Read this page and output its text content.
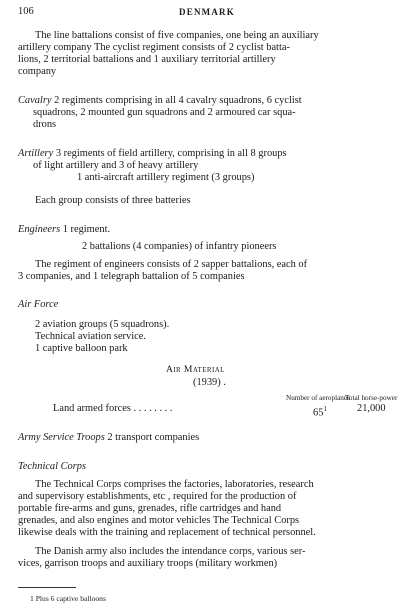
106	DENMARK
The line battalions consist of five companies, one being an auxiliary
artillery company The cyclist regiment consists of 2 cyclist batta-
lions, 2 territorial battalions and 1 auxiliary territorial artillery
company
Cavalry 2 regiments comprising in all 4 cavalry squadrons, 6 cyclist
squadrons, 2 mounted gun squadrons and 2 armoured car squa-
drons
Artillery 3 regiments of field artillery, comprising in all 8 groups
of light artillery and 3 of heavy artillery
1 anti-aircraft artillery regiment (3 groups)
Each group consists of three batteries
Engineers 1 regiment.
2 battalions (4 companies) of infantry pioneers
The regiment of engineers consists of 2 sapper battalions, each of
3 companies, and 1 telegraph battalion of 5 companies
Air Force
2 aviation groups (5 squadrons).
Technical aviation service.
1 captive balloon park
Air Material
(1939) .
Number of aeroplanes
Total horse-power
Land armed forces . . . . . . . .	$65^1$	21,000
Army Service Troops 2 transport companies
Technical Corps
The Technical Corps comprises the factories, laboratories, research
and supervisory establishments, etc , required for the production of
portable fire-arms and guns, grenades, rifle cartridges and hand
grenades, and also engines and motor vehicles The Technical Corps
likewise deals with the training and replacement of technical personnel.
The Danish army also includes the intendance corps, various ser-
vices, garrison troops and auxiliary troops (military workmen)
1 Plus 6 captive balloons
